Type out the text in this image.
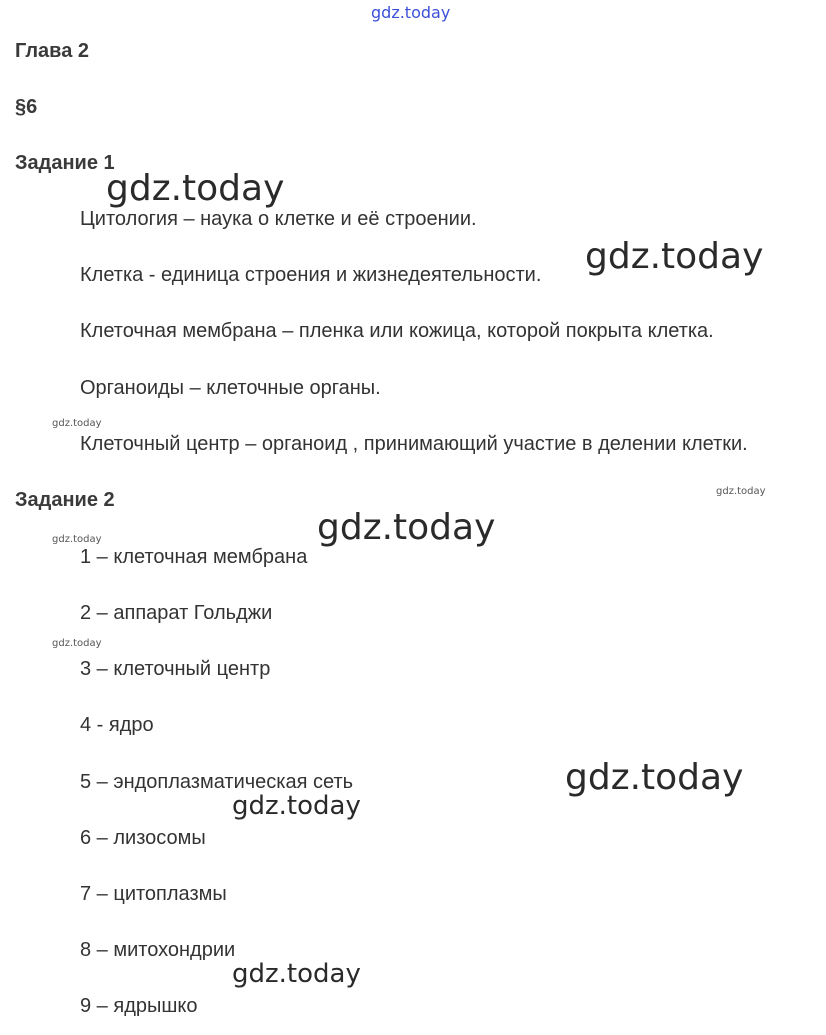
gdz.today
Глава 2
§6
Задание 1
Цитология – наука о клетке и её строении.
Клетка - единица строения и жизнедеятельности.
Клеточная мембрана – пленка или кожица, которой покрыта клетка.
Органоиды – клеточные органы.
Клеточный центр – органоид , принимающий участие в делении клетки.
Задание 2
1 – клеточная мембрана
2 – аппарат Гольджи
3 – клеточный центр
4 - ядро
5 – эндоплазматическая сеть
6 – лизосомы
7 – цитоплазмы
8 – митохондрии
9 – ядрышко
gdz.today
gdz.today
gdz.today
gdz.today
gdz.today
gdz.today
gdz.today
gdz.today
gdz.today
gdz.today
